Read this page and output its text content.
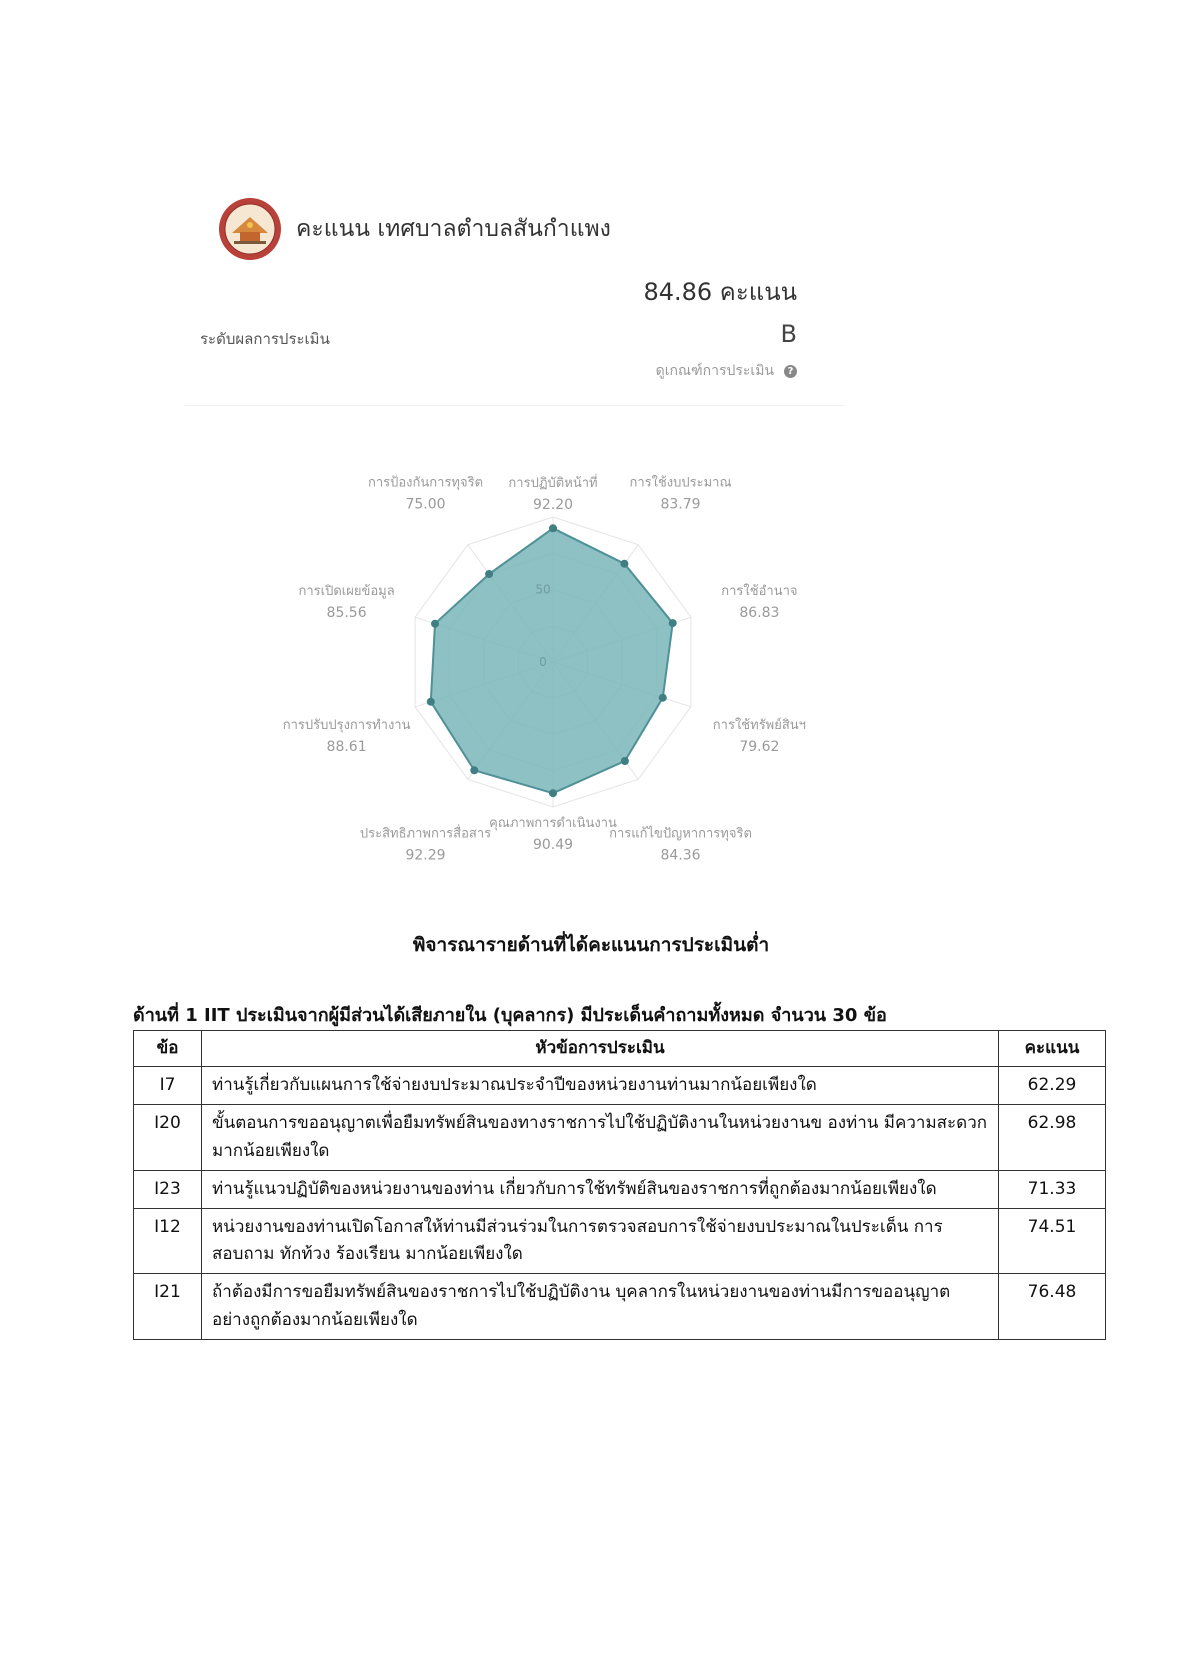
คะแนน เทศบาลตำบลสันกำแพง
84.86 คะแนน
ระดับผลการประเมิน	B
ดูเกณฑ์การประเมิน	?
0
50
การปฏิบัติหน้าที่
92.20
การใช้งบประมาณ
83.79
การใช้อำนาจ
86.83
การใช้ทรัพย์สินฯ
79.62
การแก้ไขปัญหาการทุจริต
84.36
คุณภาพการดำเนินงาน
90.49
ประสิทธิภาพการสื่อสาร
92.29
การปรับปรุงการทำงาน
88.61
การเปิดเผยข้อมูล
85.56
การป้องกันการทุจริต
75.00
พิจารณารายด้านที่ได้คะแนนการประเมินต่ำ
ด้านที่ 1 IIT ประเมินจากผู้มีส่วนได้เสียภายใน (บุคลากร) มีประเด็นคำถามทั้งหมด จำนวน 30 ข้อ
ข้อ	หัวข้อการประเมิน	คะแนน
I7	ท่านรู้เกี่ยวกับแผนการใช้จ่ายงบประมาณประจำปีของหน่วยงานท่านมากน้อยเพียงใด	62.29
I20	ขั้นตอนการขออนุญาตเพื่อยืมทรัพย์สินของทางราชการไปใช้ปฏิบัติงานในหน่วยงานข องท่าน มีความสะดวกมากน้อยเพียงใด	62.98
I23	ท่านรู้แนวปฏิบัติของหน่วยงานของท่าน เกี่ยวกับการใช้ทรัพย์สินของราชการที่ถูกต้องมากน้อยเพียงใด	71.33
I12	หน่วยงานของท่านเปิดโอกาสให้ท่านมีส่วนร่วมในการตรวจสอบการใช้จ่ายงบประมาณในประเด็น การสอบถาม ทักท้วง ร้องเรียน มากน้อยเพียงใด	74.51
I21	ถ้าต้องมีการขอยืมทรัพย์สินของราชการไปใช้ปฏิบัติงาน บุคลากรในหน่วยงานของท่านมีการขออนุญาตอย่างถูกต้องมากน้อยเพียงใด	76.48
